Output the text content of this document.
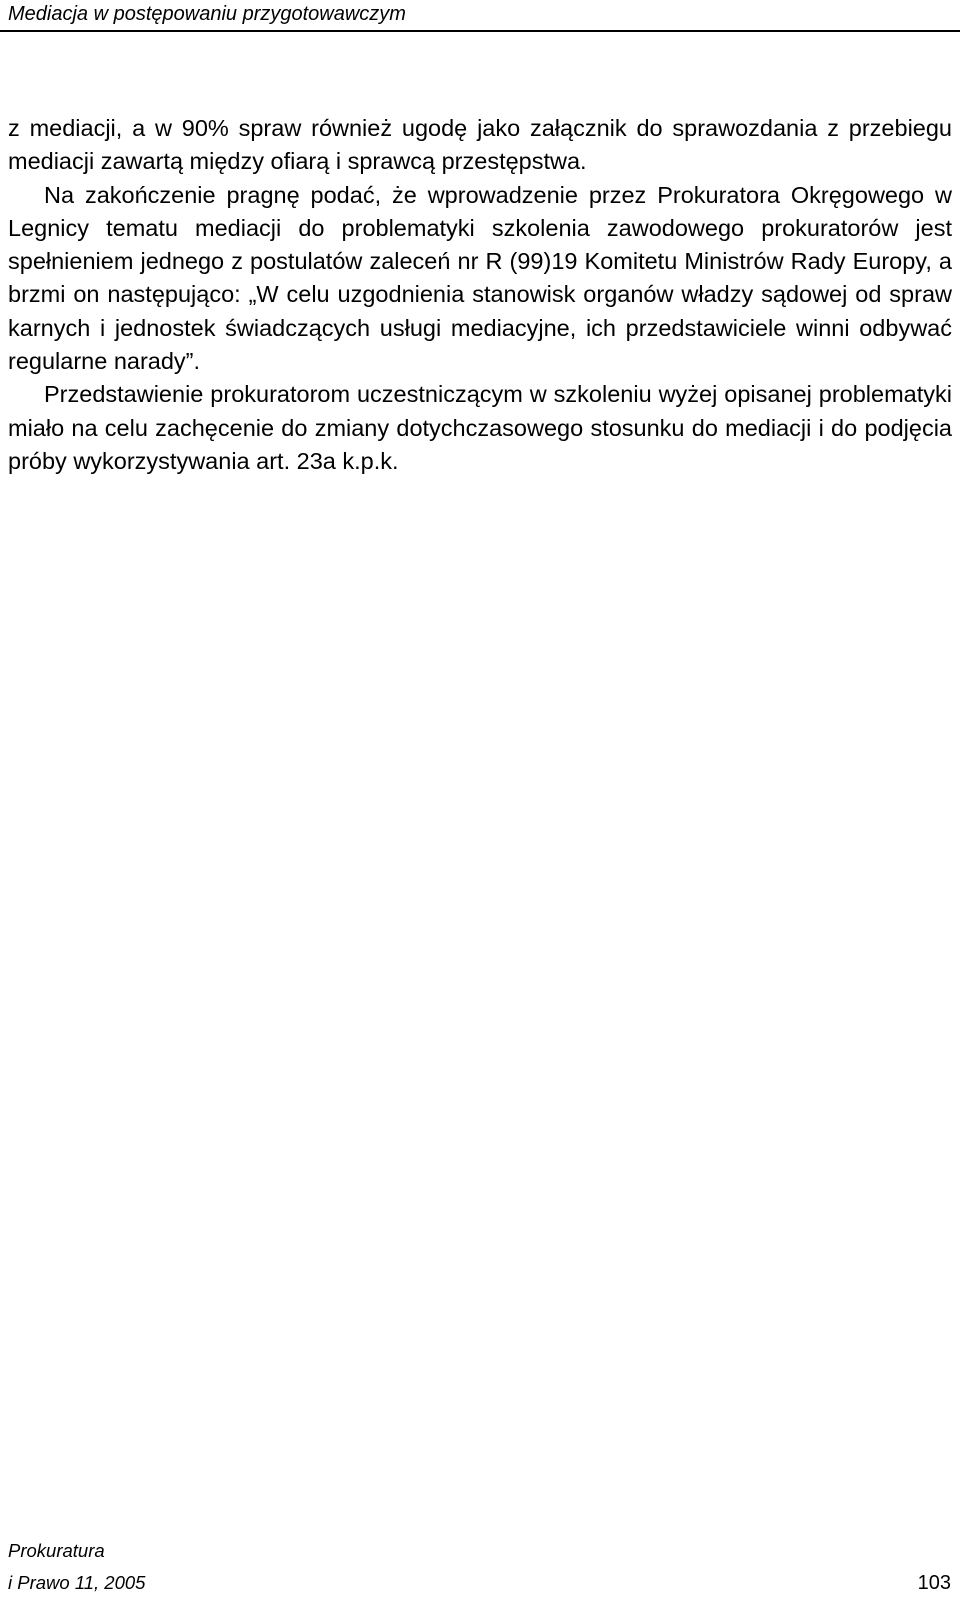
Mediacja w postępowaniu przygotowawczym

z mediacji, a w 90% spraw również ugodę jako załącznik do sprawozdania z przebiegu mediacji zawartą między ofiarą i sprawcą przestępstwa.

Na zakończenie pragnę podać, że wprowadzenie przez Prokuratora Okręgowego w Legnicy tematu mediacji do problematyki szkolenia zawodowego prokuratorów jest spełnieniem jednego z postulatów zaleceń nr R (99)19 Komitetu Ministrów Rady Europy, a brzmi on następująco: „W celu uzgodnienia stanowisk organów władzy sądowej od spraw karnych i jednostek świadczących usługi mediacyjne, ich przedstawiciele winni odbywać regularne narady”.

Przedstawienie prokuratorom uczestniczącym w szkoleniu wyżej opisanej problematyki miało na celu zachęcenie do zmiany dotychczasowego stosunku do mediacji i do podjęcia próby wykorzystywania art. 23a k.p.k.

Prokuratura
i Prawo 11, 2005	103
